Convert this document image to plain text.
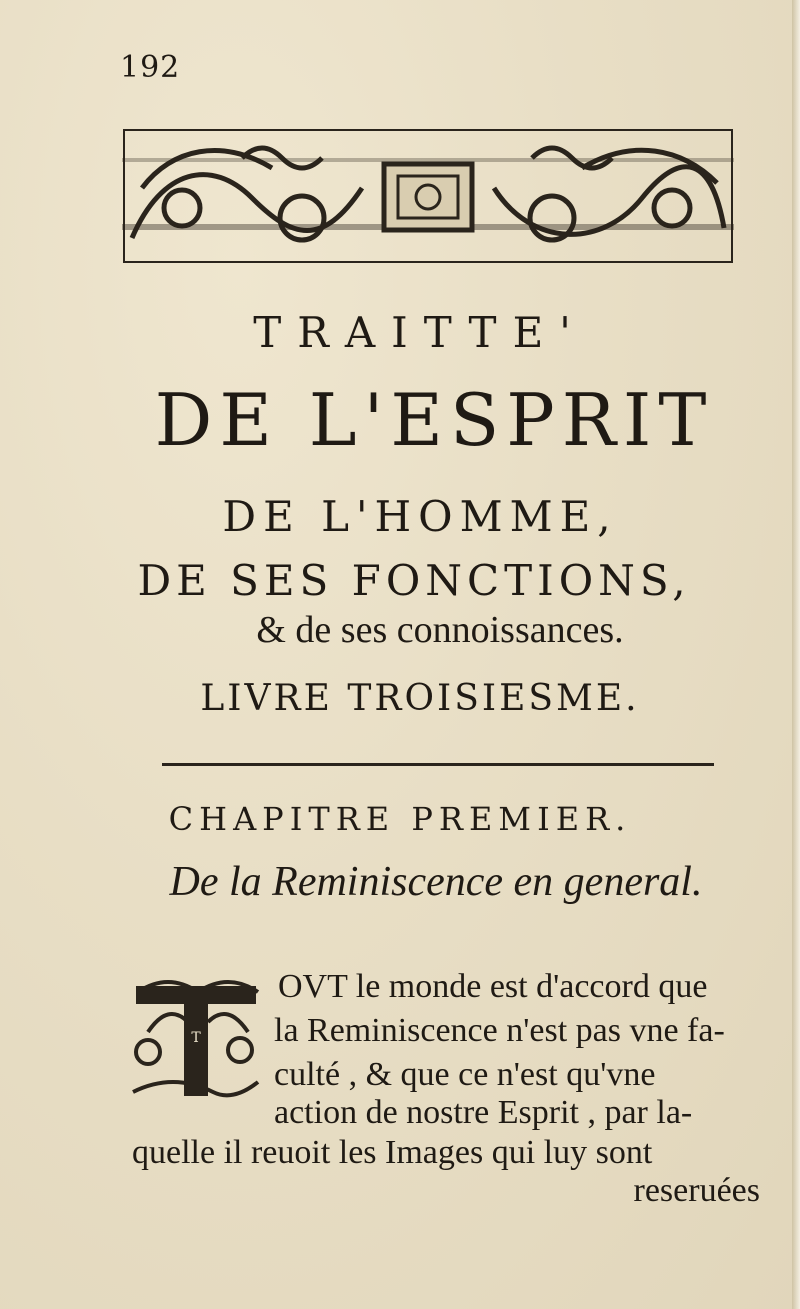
192
TRAITTE'
DE L'ESPRIT
DE L'HOMME,
DE SES FONCTIONS,
& de ses connoissances.
LIVRE TROISIESME.
CHAPITRE PREMIER.
De la Reminiscence en general.
T
OVT le monde est d'accord que
la Reminiscence n'est pas vne fa-
culté , & que ce n'est qu'vne
action de nostre Esprit , par la-
quelle il reuoit les Images qui luy sont
reseruées
